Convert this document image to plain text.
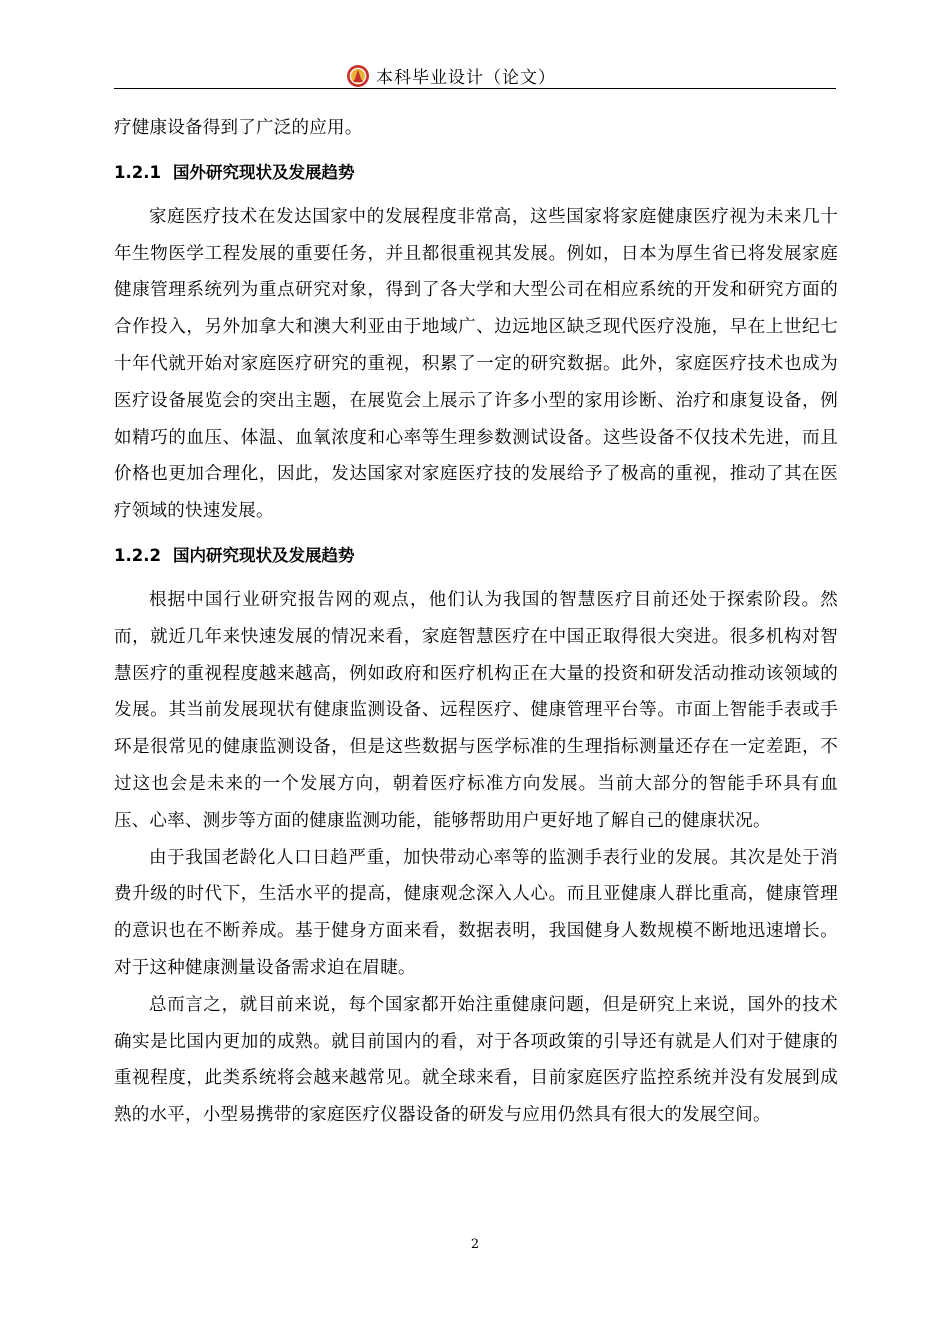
本科毕业设计（论文）

疗健康设备得到了广泛的应用。

1.2.1 国外研究现状及发展趋势

家庭医疗技术在发达国家中的发展程度非常高，这些国家将家庭健康医疗视为未来几十年生物医学工程发展的重要任务，并且都很重视其发展。例如，日本为厚生省已将发展家庭健康管理系统列为重点研究对象，得到了各大学和大型公司在相应系统的开发和研究方面的合作投入，另外加拿大和澳大利亚由于地域广、边远地区缺乏现代医疗没施，早在上世纪七十年代就开始对家庭医疗研究的重视，积累了一定的研究数据。此外，家庭医疗技术也成为医疗设备展览会的突出主题，在展览会上展示了许多小型的家用诊断、治疗和康复设备，例如精巧的血压、体温、血氧浓度和心率等生理参数测试设备。这些设备不仅技术先进，而且价格也更加合理化，因此，发达国家对家庭医疗技的发展给予了极高的重视，推动了其在医疗领域的快速发展。

1.2.2 国内研究现状及发展趋势

根据中国行业研究报告网的观点，他们认为我国的智慧医疗目前还处于探索阶段。然而，就近几年来快速发展的情况来看，家庭智慧医疗在中国正取得很大突进。很多机构对智慧医疗的重视程度越来越高，例如政府和医疗机构正在大量的投资和研发活动推动该领域的发展。其当前发展现状有健康监测设备、远程医疗、健康管理平台等。市面上智能手表或手环是很常见的健康监测设备，但是这些数据与医学标准的生理指标测量还存在一定差距，不过这也会是未来的一个发展方向，朝着医疗标准方向发展。当前大部分的智能手环具有血压、心率、测步等方面的健康监测功能，能够帮助用户更好地了解自己的健康状况。

由于我国老龄化人口日趋严重，加快带动心率等的监测手表行业的发展。其次是处于消费升级的时代下，生活水平的提高，健康观念深入人心。而且亚健康人群比重高，健康管理的意识也在不断养成。基于健身方面来看，数据表明，我国健身人数规模不断地迅速增长。对于这种健康测量设备需求迫在眉睫。

总而言之，就目前来说，每个国家都开始注重健康问题，但是研究上来说，国外的技术确实是比国内更加的成熟。就目前国内的看，对于各项政策的引导还有就是人们对于健康的重视程度，此类系统将会越来越常见。就全球来看，目前家庭医疗监控系统并没有发展到成熟的水平，小型易携带的家庭医疗仪器设备的研发与应用仍然具有很大的发展空间。

2
